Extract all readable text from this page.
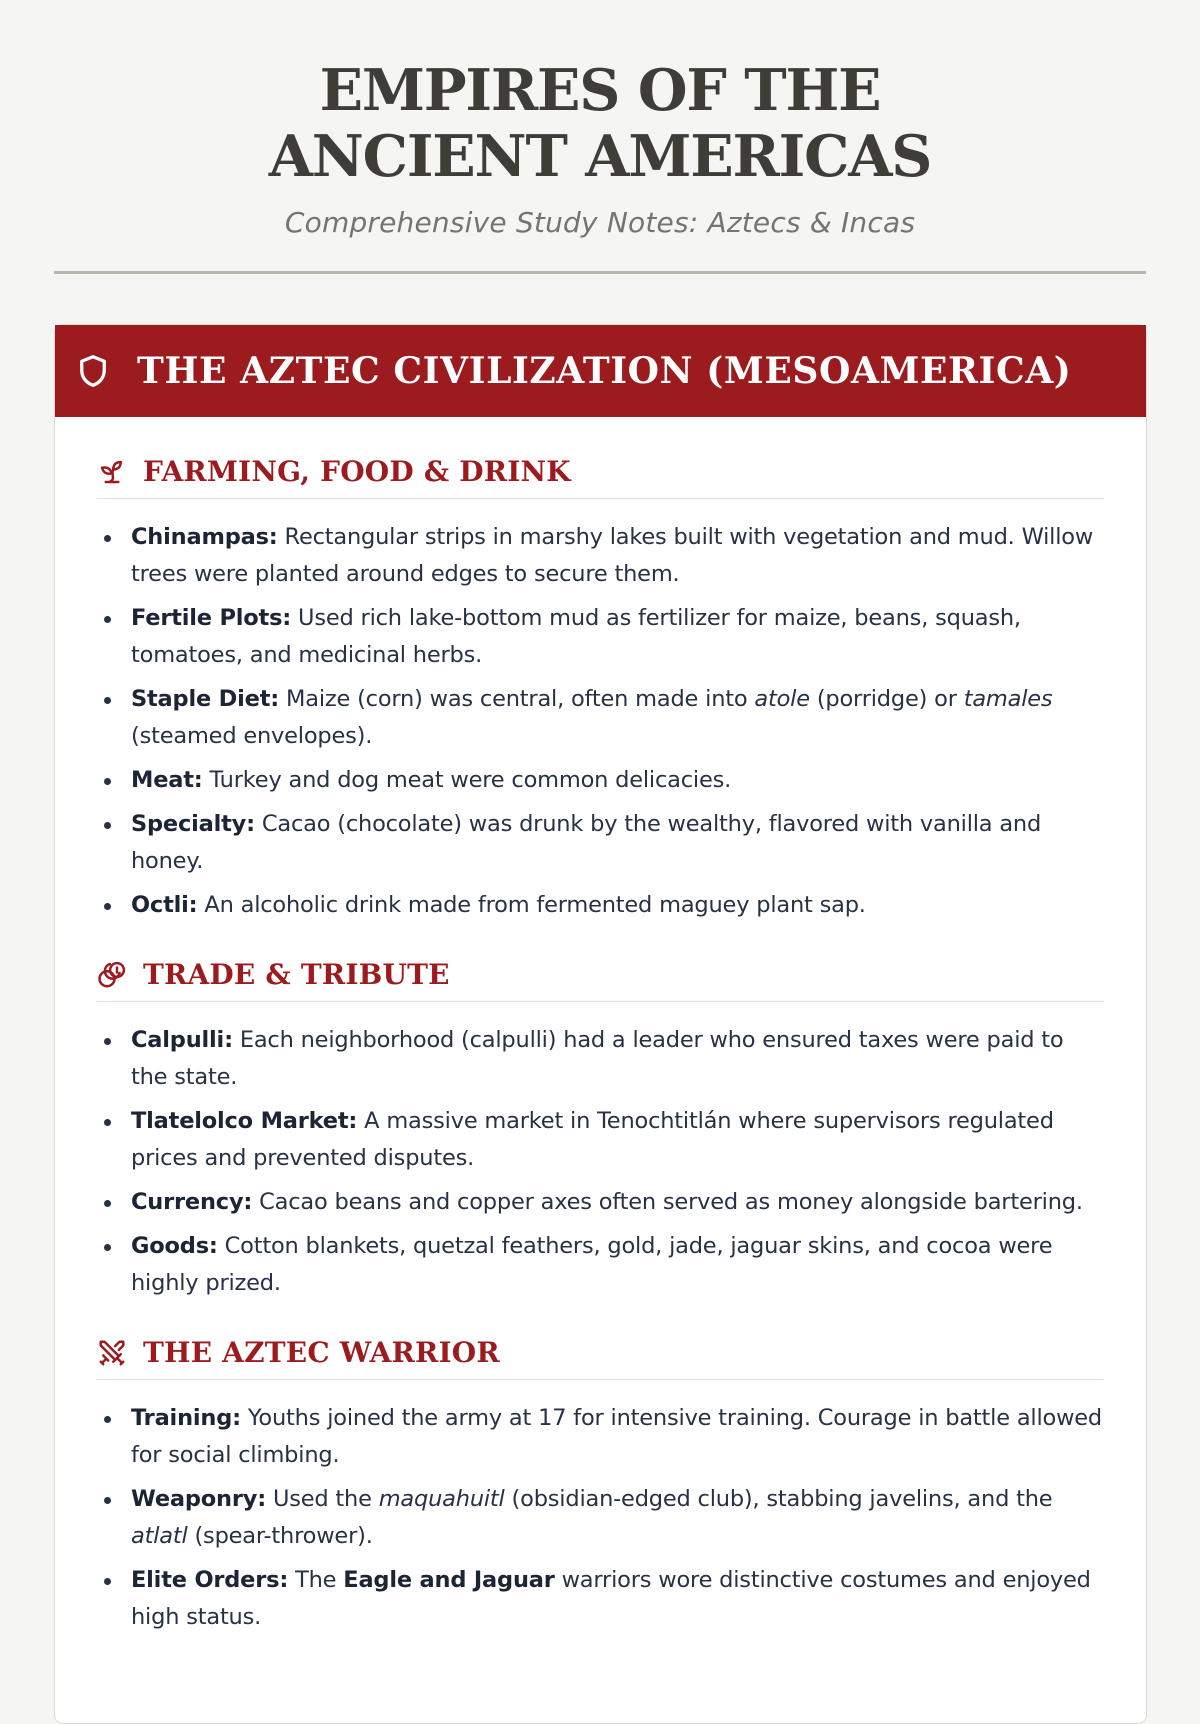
EMPIRES OF THE ANCIENT AMERICAS
Comprehensive Study Notes: Aztecs & Incas
THE AZTEC CIVILIZATION (MESOAMERICA)
FARMING, FOOD & DRINK
Chinampas: Rectangular strips in marshy lakes built with vegetation and mud. Willow trees were planted around edges to secure them.
Fertile Plots: Used rich lake-bottom mud as fertilizer for maize, beans, squash, tomatoes, and medicinal herbs.
Staple Diet: Maize (corn) was central, often made into atole (porridge) or tamales (steamed envelopes).
Meat: Turkey and dog meat were common delicacies.
Specialty: Cacao (chocolate) was drunk by the wealthy, flavored with vanilla and honey.
Octli: An alcoholic drink made from fermented maguey plant sap.
TRADE & TRIBUTE
Calpulli: Each neighborhood (calpulli) had a leader who ensured taxes were paid to the state.
Tlatelolco Market: A massive market in Tenochtitlán where supervisors regulated prices and prevented disputes.
Currency: Cacao beans and copper axes often served as money alongside bartering.
Goods: Cotton blankets, quetzal feathers, gold, jade, jaguar skins, and cocoa were highly prized.
THE AZTEC WARRIOR
Training: Youths joined the army at 17 for intensive training. Courage in battle allowed for social climbing.
Weaponry: Used the maquahuitl (obsidian-edged club), stabbing javelins, and the atlatl (spear-thrower).
Elite Orders: The Eagle and Jaguar warriors wore distinctive costumes and enjoyed high status.
